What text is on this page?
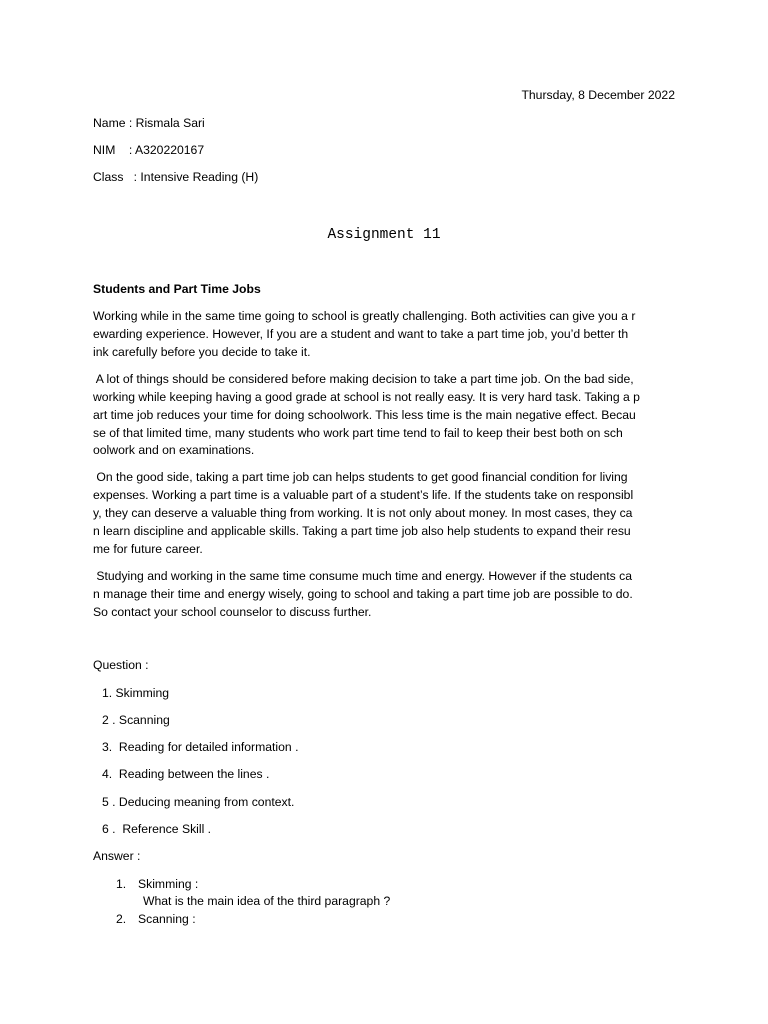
Thursday, 8 December 2022
Name : Rismala Sari
NIM    : A320220167
Class   : Intensive Reading (H)
Assignment 11
Students and Part Time Jobs
Working while in the same time going to school is greatly challenging. Both activities can give you a r
ewarding experience. However, If you are a student and want to take a part time job, you’d better th
ink carefully before you decide to take it.
A lot of things should be considered before making decision to take a part time job. On the bad side,
working while keeping having a good grade at school is not really easy. It is very hard task. Taking a p
art time job reduces your time for doing schoolwork. This less time is the main negative effect. Becau
se of that limited time, many students who work part time tend to fail to keep their best both on sch
oolwork and on examinations.
On the good side, taking a part time job can helps students to get good financial condition for living
expenses. Working a part time is a valuable part of a student’s life. If the students take on responsibl
y, they can deserve a valuable thing from working. It is not only about money. In most cases, they ca
n learn discipline and applicable skills. Taking a part time job also help students to expand their resu
me for future career.
Studying and working in the same time consume much time and energy. However if the students ca
n manage their time and energy wisely, going to school and taking a part time job are possible to do.
So contact your school counselor to discuss further.
Question :
1. Skimming
2 . Scanning
3.  Reading for detailed information .
4.  Reading between the lines .
5 . Deducing meaning from context.
6 .  Reference Skill .
Answer :
1. Skimming :
What is the main idea of the third paragraph ?
2. Scanning :
